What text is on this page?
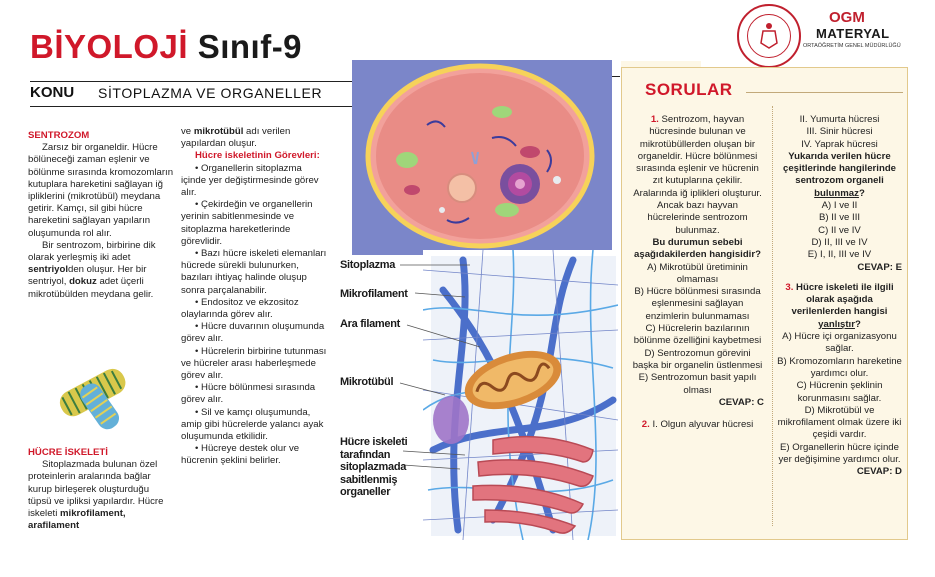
BİYOLOJİ Sınıf-9
KONU SİTOPLAZMA VE ORGANELLER
OGM
MATERYAL
ORTAÖĞRETİM GENEL MÜDÜRLÜĞÜ

SENTROZOM

Zarsız bir organeldir. Hücre bölüneceği zaman eşlenir ve bölünme sırasında kromozomların kutuplara hareketini sağlayan iğ ipliklerini (mikrotübül) meydana getirir. Kamçı, sil gibi hücre hareketini sağlayan yapıların oluşumunda rol alır.

Bir sentrozom, birbirine dik olarak yerleşmiş iki adet sentriyolden oluşur. Her bir sentriyol, dokuz adet üçerli mikrotübülden meydana gelir.

HÜCRE İSKELETİ

Sitoplazmada bulunan özel proteinlerin aralarında bağlar kurup birleşerek oluşturduğu tüpsü ve ipliksi yapılardır. Hücre iskeleti mikrofilament, arafilament

ve mikrotübül adı verilen yapılardan oluşur.

Hücre iskeletinin Görevleri:

• Organellerin sitoplazma içinde yer değiştirmesinde görev alır.

• Çekirdeğin ve organellerin yerinin sabitlenmesinde ve sitoplazma hareketlerinde görevlidir.

• Bazı hücre iskeleti elemanları hücrede sürekli bulunurken, bazıları ihtiyaç halinde oluşup sonra parçalanabilir.

• Endositoz ve ekzositoz olaylarında görev alır.

• Hücre duvarının oluşumunda görev alır.

• Hücrelerin birbirine tutunması ve hücreler arası haberleşmede görev alır.

• Hücre bölünmesi sırasında görev alır.

• Sil ve kamçı oluşumunda, amip gibi hücrelerde yalancı ayak oluşumunda etkilidir.

• Hücreye destek olur ve hücrenin şeklini belirler.

Sitoplazma
Mikrofilament
Ara filament
Mikrotübül
Hücre iskeleti tarafından sitoplazmada sabitlenmiş organeller
SORULAR

1. Sentrozom, hayvan hücresinde bulunan ve mikrotübüllerden oluşan bir organeldir. Hücre bölünmesi sırasında eşlenir ve hücrenin zıt kutuplarına çekilir. Aralarında iğ iplikleri oluşturur. Ancak bazı hayvan hücrelerinde sentrozom bulunmaz.

Bu durumun sebebi aşağıdakilerden hangisidir?

A) Mikrotübül üretiminin olmaması

B) Hücre bölünmesi sırasında eşlenmesini sağlayan enzimlerin bulunmaması

C) Hücrelerin bazılarının bölünme özelliğini kaybetmesi

D) Sentrozomun görevini başka bir organelin üstlenmesi

E) Sentrozomun basit yapılı olması

CEVAP: C

2. I. Olgun alyuvar hücresi

II. Yumurta hücresi

III. Sinir hücresi

IV. Yaprak hücresi

Yukarıda verilen hücre çeşitlerinde hangilerinde sentrozom organeli bulunmaz?

A) I ve II

B) II ve III

C) II ve IV

D) II, III ve IV

E) I, II, III ve IV

CEVAP: E

3. Hücre iskeleti ile ilgili olarak aşağıda verilenlerden hangisi yanlıştır?

A) Hücre içi organizasyonu sağlar.

B) Kromozomların hareketine yardımcı olur.

C) Hücrenin şeklinin korunmasını sağlar.

D) Mikrotübül ve mikrofilament olmak üzere iki çeşidi vardır.

E) Organellerin hücre içinde yer değişimine yardımcı olur.

CEVAP: D
